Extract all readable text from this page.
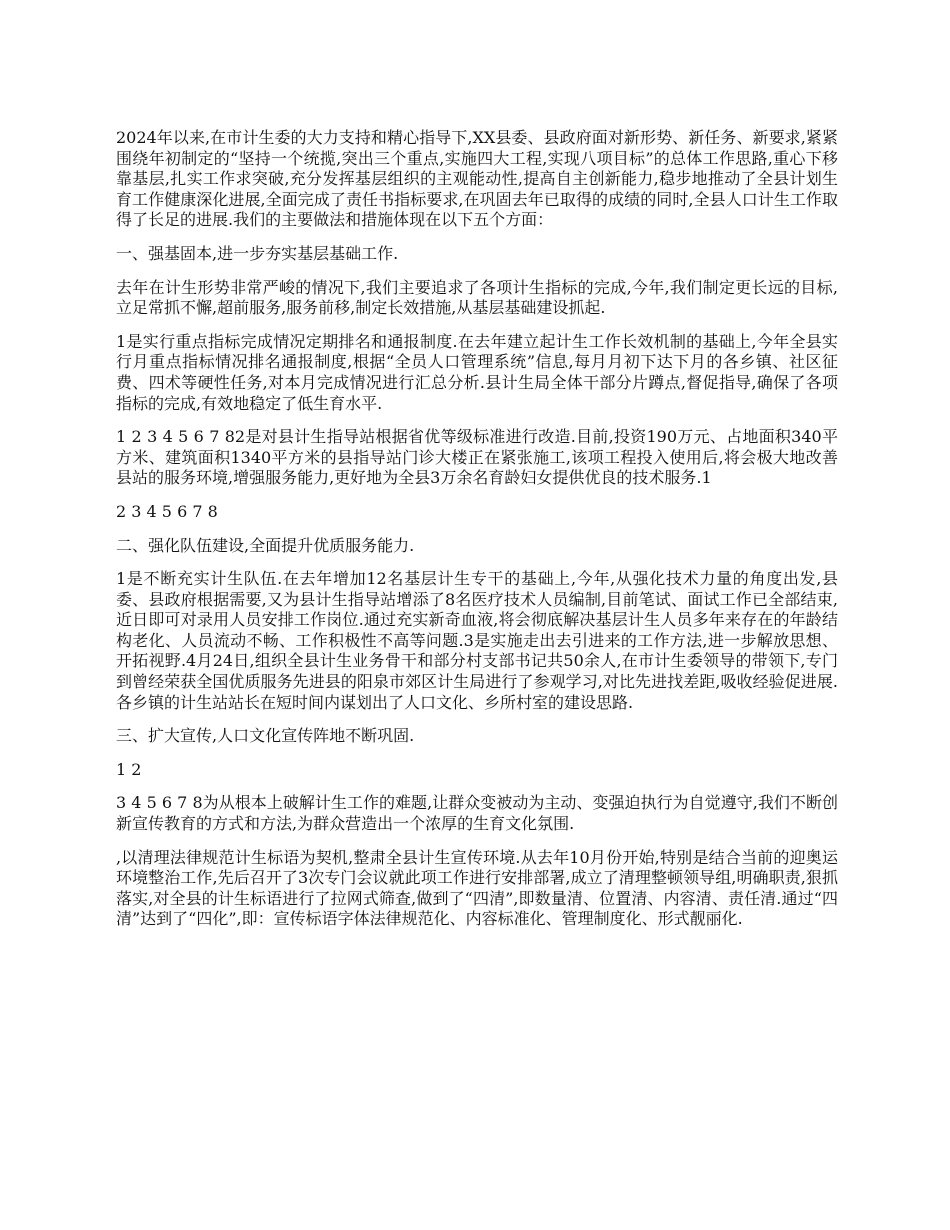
2024年以来,在市计生委的大力支持和精心指导下,XX县委、县政府面对新形势、新任务、新要求,紧紧围绕年初制定的“坚持一个统揽,突出三个重点,实施四大工程,实现八项目标”的总体工作思路,重心下移靠基层,扎实工作求突破,充分发挥基层组织的主观能动性,提高自主创新能力,稳步地推动了全县计划生育工作健康深化进展,全面完成了责任书指标要求,在巩固去年已取得的成绩的同时,全县人口计生工作取得了长足的进展.我们的主要做法和措施体现在以下五个方面：

一、强基固本,进一步夯实基层基础工作.

去年在计生形势非常严峻的情况下,我们主要追求了各项计生指标的完成,今年,我们制定更长远的目标,立足常抓不懈,超前服务,服务前移,制定长效措施,从基层基础建设抓起.

1是实行重点指标完成情况定期排名和通报制度.在去年建立起计生工作长效机制的基础上,今年全县实行月重点指标情况排名通报制度,根据“全员人口管理系统”信息,每月月初下达下月的各乡镇、社区征费、四术等硬性任务,对本月完成情况进行汇总分析.县计生局全体干部分片蹲点,督促指导,确保了各项指标的完成,有效地稳定了低生育水平.

1 2 3 4 5 6 7 82是对县计生指导站根据省优等级标准进行改造.目前,投资190万元、占地面积340平方米、建筑面积1340平方米的县指导站门诊大楼正在紧张施工,该项工程投入使用后,将会极大地改善县站的服务环境,增强服务能力,更好地为全县3万余名育龄妇女提供优良的技术服务.1

2 3 4 5 6 7 8

二、强化队伍建设,全面提升优质服务能力.

1是不断充实计生队伍.在去年增加12名基层计生专干的基础上,今年,从强化技术力量的角度出发,县委、县政府根据需要,又为县计生指导站增添了8名医疗技术人员编制,目前笔试、面试工作已全部结束,近日即可对录用人员安排工作岗位.通过充实新奇血液,将会彻底解决基层计生人员多年来存在的年龄结构老化、人员流动不畅、工作积极性不高等问题.3是实施走出去引进来的工作方法,进一步解放思想、开拓视野.4月24日,组织全县计生业务骨干和部分村支部书记共50余人,在市计生委领导的带领下,专门到曾经荣获全国优质服务先进县的阳泉市郊区计生局进行了参观学习,对比先进找差距,吸收经验促进展.各乡镇的计生站站长在短时间内谋划出了人口文化、乡所村室的建设思路.

三、扩大宣传,人口文化宣传阵地不断巩固.

1 2

3 4 5 6 7 8为从根本上破解计生工作的难题,让群众变被动为主动、变强迫执行为自觉遵守,我们不断创新宣传教育的方式和方法,为群众营造出一个浓厚的生育文化氛围.

,以清理法律规范计生标语为契机,整肃全县计生宣传环境.从去年10月份开始,特别是结合当前的迎奥运环境整治工作,先后召开了3次专门会议就此项工作进行安排部署,成立了清理整顿领导组,明确职责,狠抓落实,对全县的计生标语进行了拉网式筛查,做到了“四清”,即数量清、位置清、内容清、责任清.通过“四清”达到了“四化”,即：宣传标语字体法律规范化、内容标准化、管理制度化、形式靓丽化.
